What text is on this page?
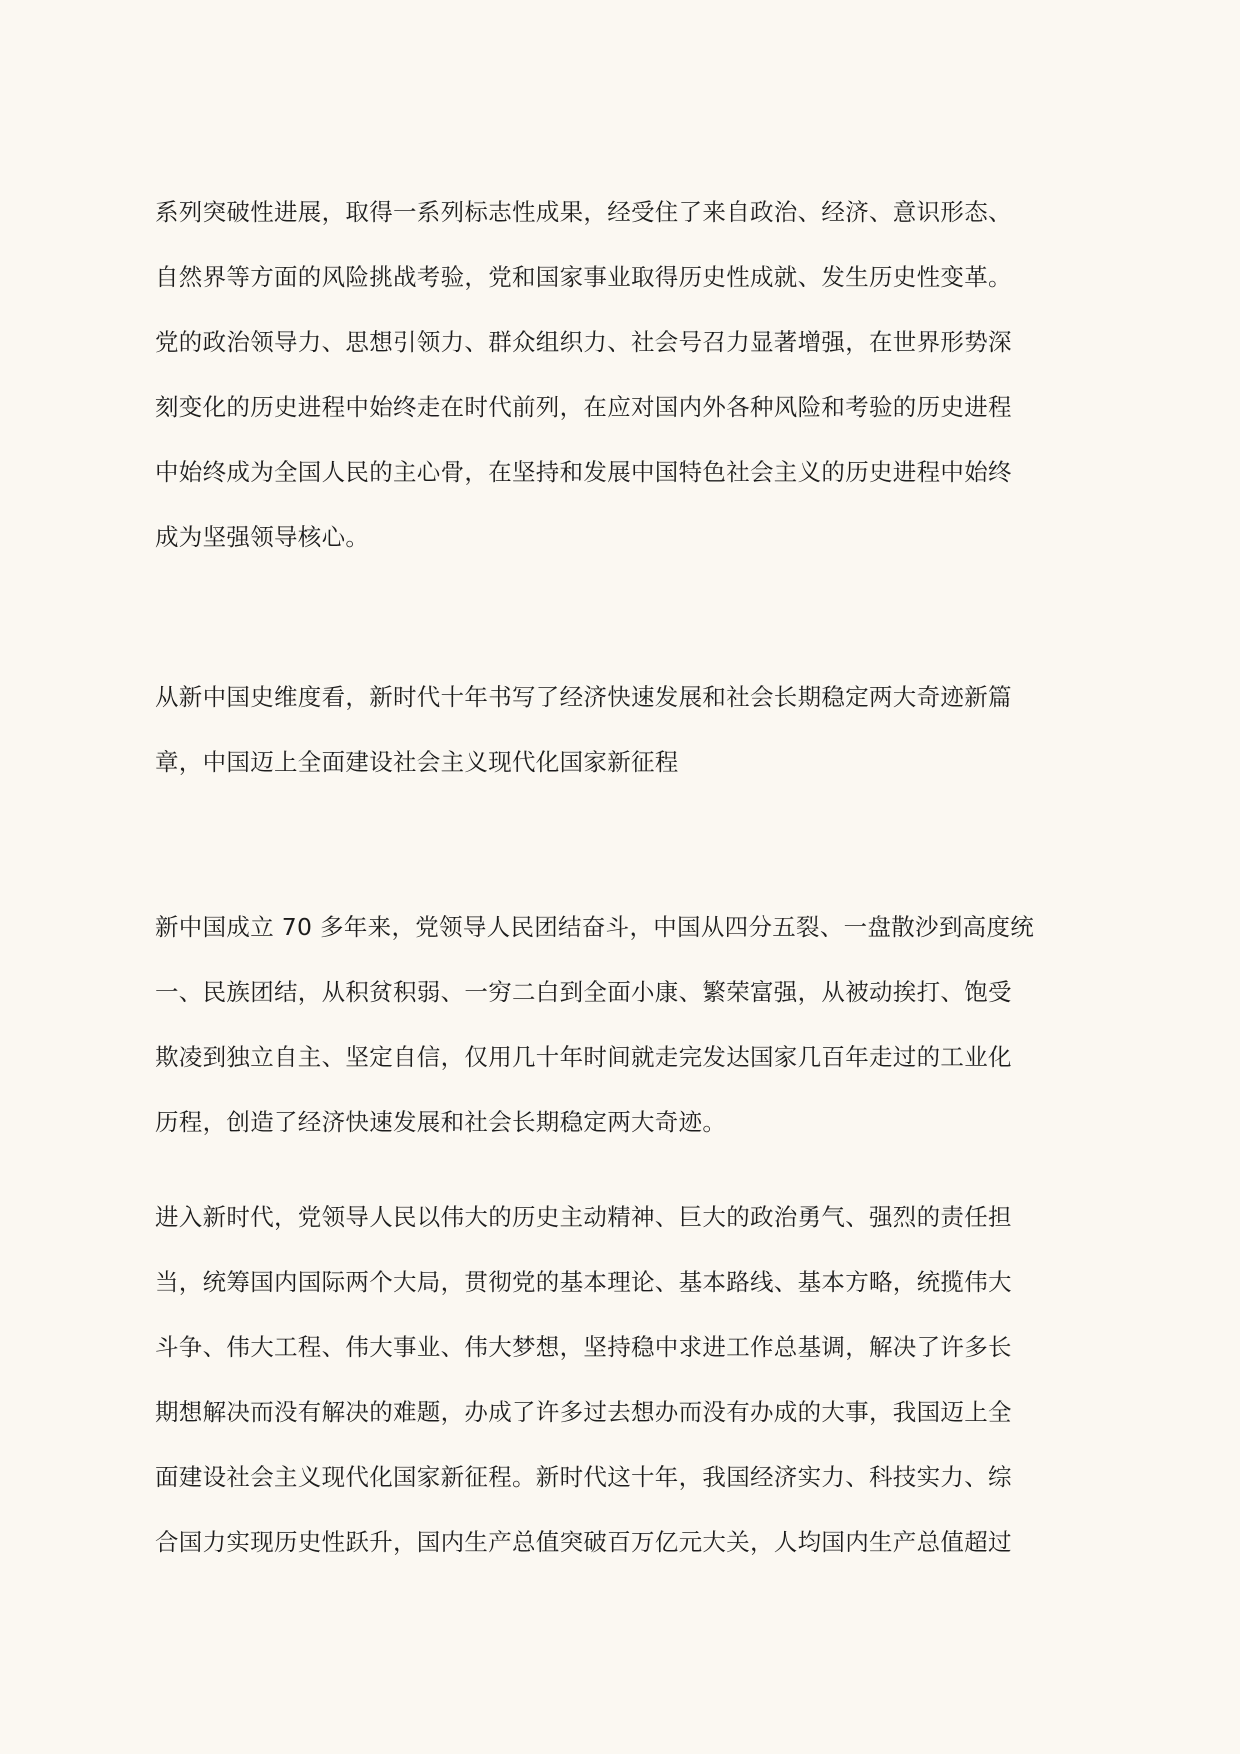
系列突破性进展，取得一系列标志性成果，经受住了来自政治、经济、意识形态、
自然界等方面的风险挑战考验，党和国家事业取得历史性成就、发生历史性变革。
党的政治领导力、思想引领力、群众组织力、社会号召力显著增强，在世界形势深
刻变化的历史进程中始终走在时代前列，在应对国内外各种风险和考验的历史进程
中始终成为全国人民的主心骨，在坚持和发展中国特色社会主义的历史进程中始终
成为坚强领导核心。
从新中国史维度看，新时代十年书写了经济快速发展和社会长期稳定两大奇迹新篇
章，中国迈上全面建设社会主义现代化国家新征程
新中国成立 70 多年来，党领导人民团结奋斗，中国从四分五裂、一盘散沙到高度统
一、民族团结，从积贫积弱、一穷二白到全面小康、繁荣富强，从被动挨打、饱受
欺凌到独立自主、坚定自信，仅用几十年时间就走完发达国家几百年走过的工业化
历程，创造了经济快速发展和社会长期稳定两大奇迹。
进入新时代，党领导人民以伟大的历史主动精神、巨大的政治勇气、强烈的责任担
当，统筹国内国际两个大局，贯彻党的基本理论、基本路线、基本方略，统揽伟大
斗争、伟大工程、伟大事业、伟大梦想，坚持稳中求进工作总基调，解决了许多长
期想解决而没有解决的难题，办成了许多过去想办而没有办成的大事，我国迈上全
面建设社会主义现代化国家新征程。新时代这十年，我国经济实力、科技实力、综
合国力实现历史性跃升，国内生产总值突破百万亿元大关，人均国内生产总值超过
